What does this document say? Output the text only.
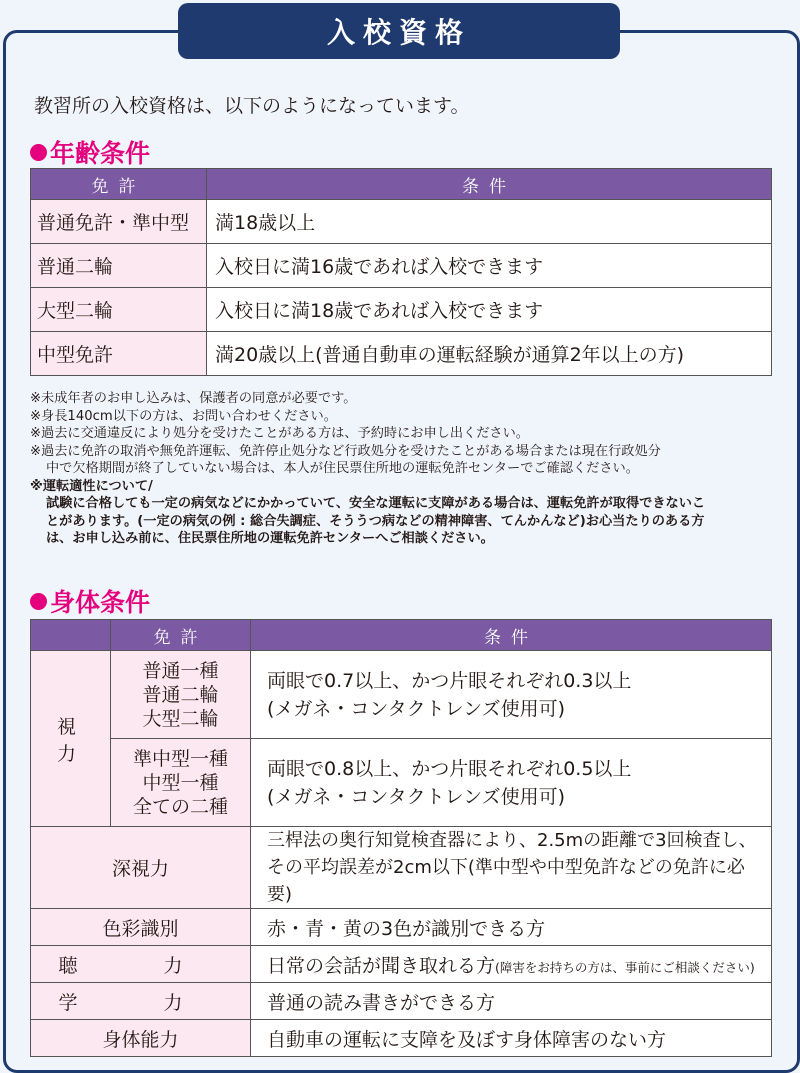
入校資格
教習所の入校資格は、以下のようになっています。
年齢条件
免許	条件
普通免許・準中型	満18歳以上
普通二輪	入校日に満16歳であれば入校できます
大型二輪	入校日に満18歳であれば入校できます
中型免許	満20歳以上(普通自動車の運転経験が通算2年以上の方)

※未成年者のお申し込みは、保護者の同意が必要です。

※身長140cm以下の方は、お問い合わせください。

※過去に交通違反により処分を受けたことがある方は、予約時にお申し出ください。

※過去に免許の取消や無免許運転、免許停止処分など行政処分を受けたことがある場合または現在行政処分

中で欠格期間が終了していない場合は、本人が住民票住所地の運転免許センターでご確認ください。

※運転適性について/

試験に合格しても一定の病気などにかかっていて、安全な運転に支障がある場合は、運転免許が取得できないこ

とがあります。(一定の病気の例 : 総合失調症、そううつ病などの精神障害、てんかんなど)お心当たりのある方

は、お申し込み前に、住民票住所地の運転免許センターへご相談ください。

身体条件
	免許	条件
視 力	普通一種
普通二輪
大型二輪	両眼で0.7以上、かつ片眼それぞれ0.3以上
(メガネ・コンタクトレンズ使用可)

	準中型一種
中型一種
全ての二種	両眼で0.8以上、かつ片眼それぞれ0.5以上
(メガネ・コンタクトレンズ使用可)

深視力		三桿法の奥行知覚検査器により、2.5mの距離で3回検査し、
その平均誤差が2cm以下(準中型や中型免許などの免許に必要)

色彩識別		赤・青・黄の3色が識別できる方
聴 力		日常の会話が聞き取れる方(障害をお持ちの方は、事前にご相談ください)
学 力		普通の読み書きができる方
身体能力		自動車の運転に支障を及ぼす身体障害のない方
